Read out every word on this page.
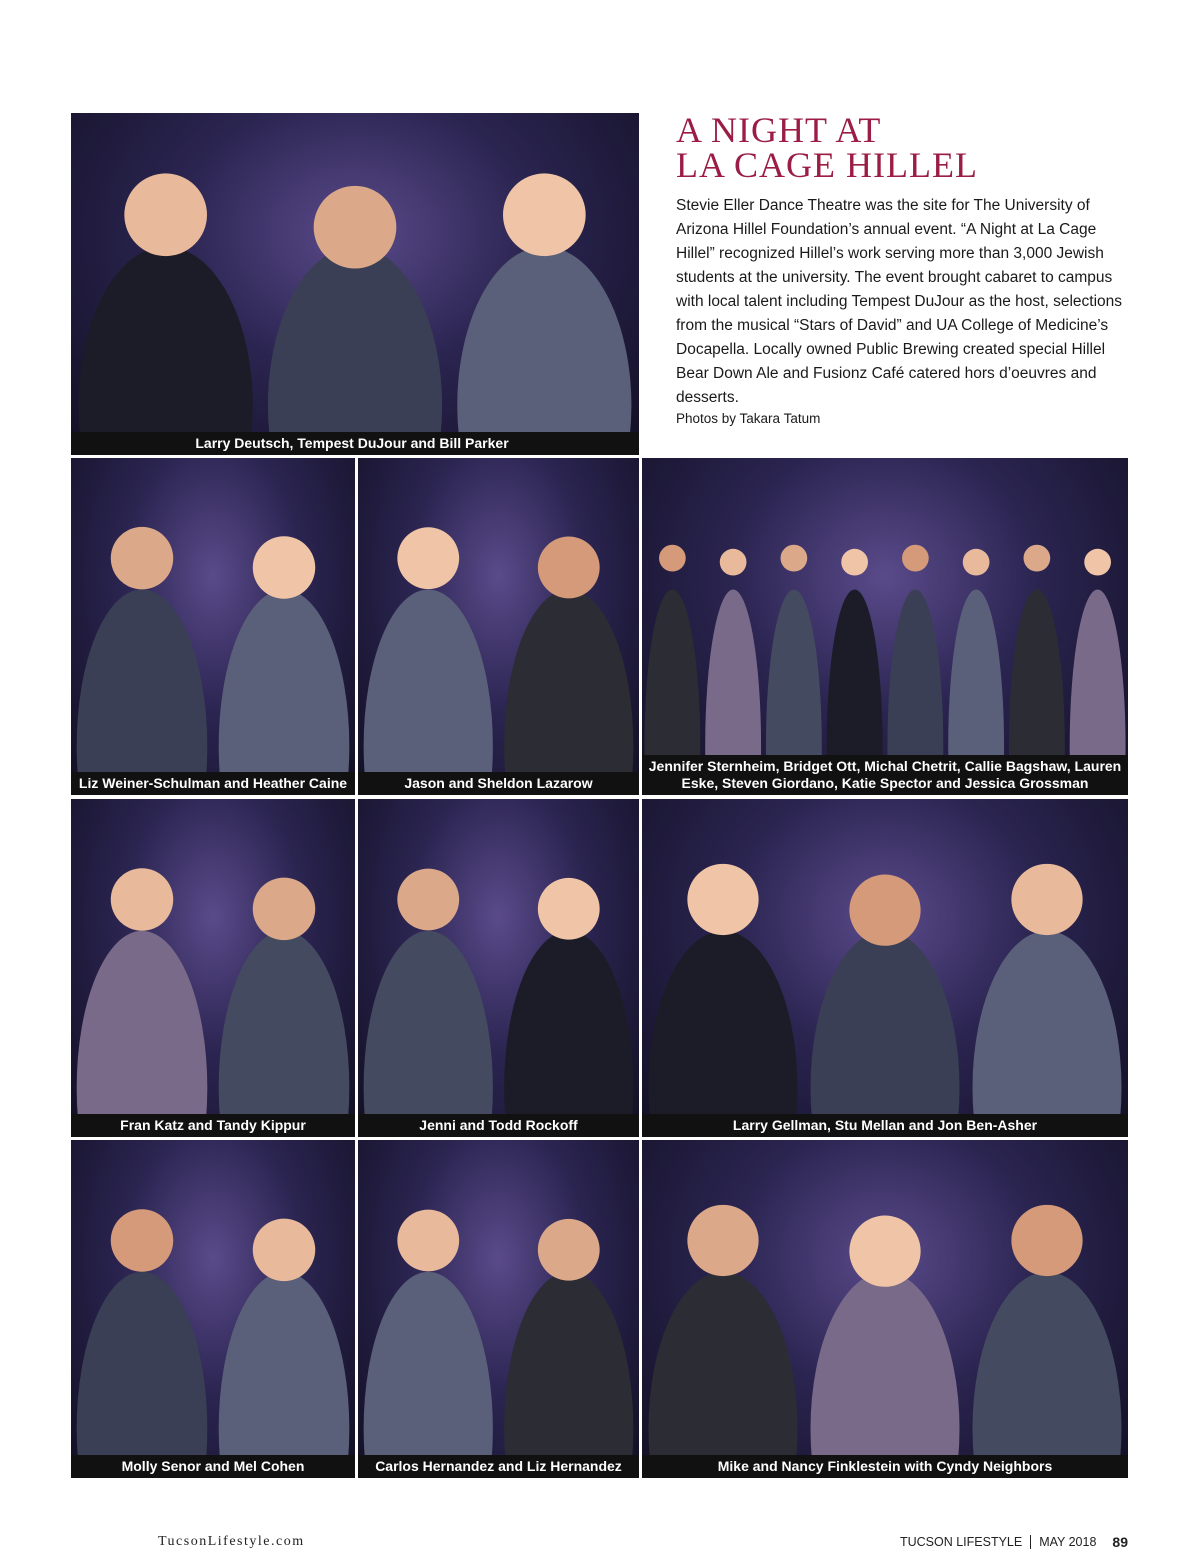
A NIGHT AT
LA CAGE HILLEL

Stevie Eller Dance Theatre was the site for The University of Arizona Hillel Foundation’s annual event. “A Night at La Cage Hillel” recognized Hillel’s work serving more than 3,000 Jewish students at the university. The event brought cabaret to campus with local talent including Tempest DuJour as the host, selections from the musical “Stars of David” and UA College of Medicine’s Docapella. Locally owned Public Brewing created special Hillel Bear Down Ale and Fusionz Café catered hors d’oeuvres and desserts.

Photos by Takara Tatum

Larry Deutsch, Tempest DuJour and Bill Parker
Liz Weiner-Schulman and Heather Caine	Jason and Sheldon Lazarow
Jennifer Sternheim, Bridget Ott, Michal Chetrit, Callie Bagshaw, Lauren Eske, Steven Giordano, Katie Spector and Jessica Grossman
Fran Katz and Tandy Kippur	Jenni and Todd Rockoff	Larry Gellman, Stu Mellan and Jon Ben-Asher
Molly Senor and Mel Cohen	Carlos Hernandez and Liz Hernandez	Mike and Nancy Finklestein with Cyndy Neighbors
TucsonLifestyle.com	TUCSON LIFESTYLE MAY 2018 89
